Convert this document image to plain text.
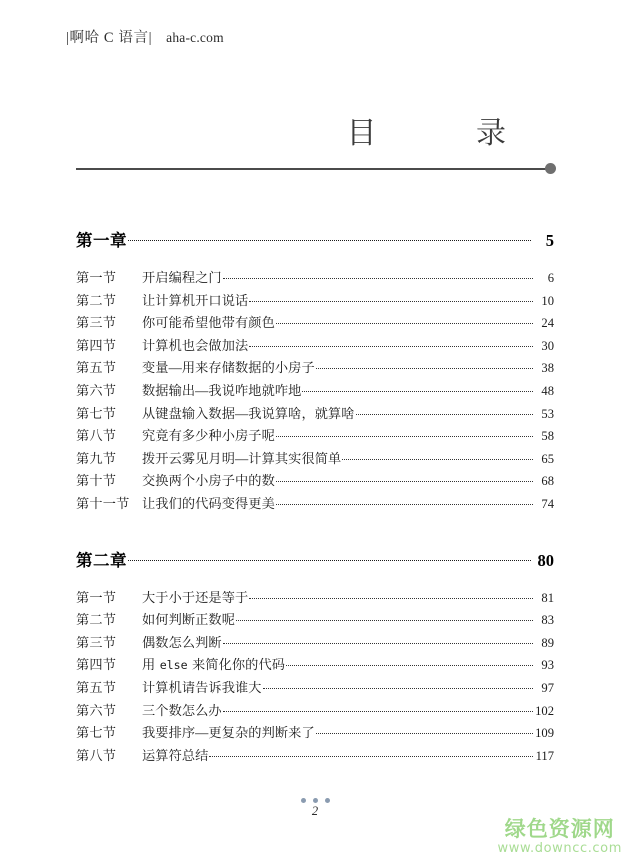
|啊哈 C 语言| aha-c.com
目 录
第一章	5
第一节	开启编程之门	6
第二节	让计算机开口说话	10
第三节	你可能希望他带有颜色	24
第四节	计算机也会做加法	30
第五节	变量—用来存储数据的小房子	38
第六节	数据输出—我说咋地就咋地	48
第七节	从键盘输入数据—我说算啥，就算啥	53
第八节	究竟有多少种小房子呢	58
第九节	拨开云雾见月明—计算其实很简单	65
第十节	交换两个小房子中的数	68
第十一节 让我们的代码变得更美	74
第二章	80
第一节	大于小于还是等于	81
第二节	如何判断正数呢	83
第三节	偶数怎么判断	89
第四节	用 else 来简化你的代码	93
第五节	计算机请告诉我谁大	97
第六节	三个数怎么办	102
第七节	我要排序—更复杂的判断来了	109
第八节	运算符总结	117
2
绿色资源网
www.downcc.com
